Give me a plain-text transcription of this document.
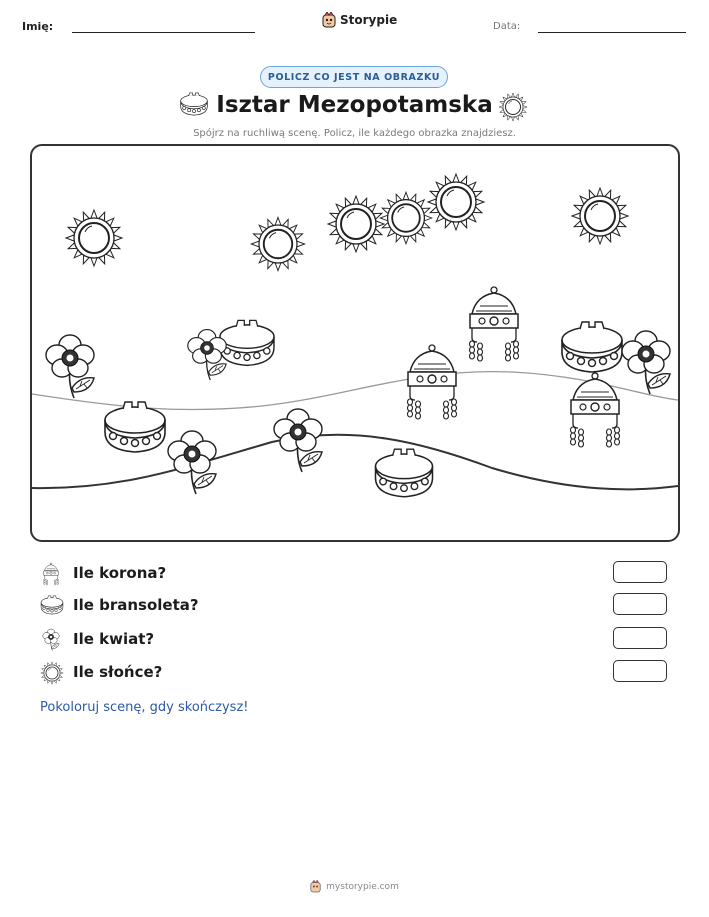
Imię:	Storypie	Data:
POLICZ CO JEST NA OBRAZKU
Isztar Mezopotamska
Spójrz na ruchliwą scenę. Policz, ile każdego obrazka znajdziesz.
Ile korona?
Ile bransoleta?
Ile kwiat?
Ile słońce?
Pokoloruj scenę, gdy skończysz!
mystorypie.com
